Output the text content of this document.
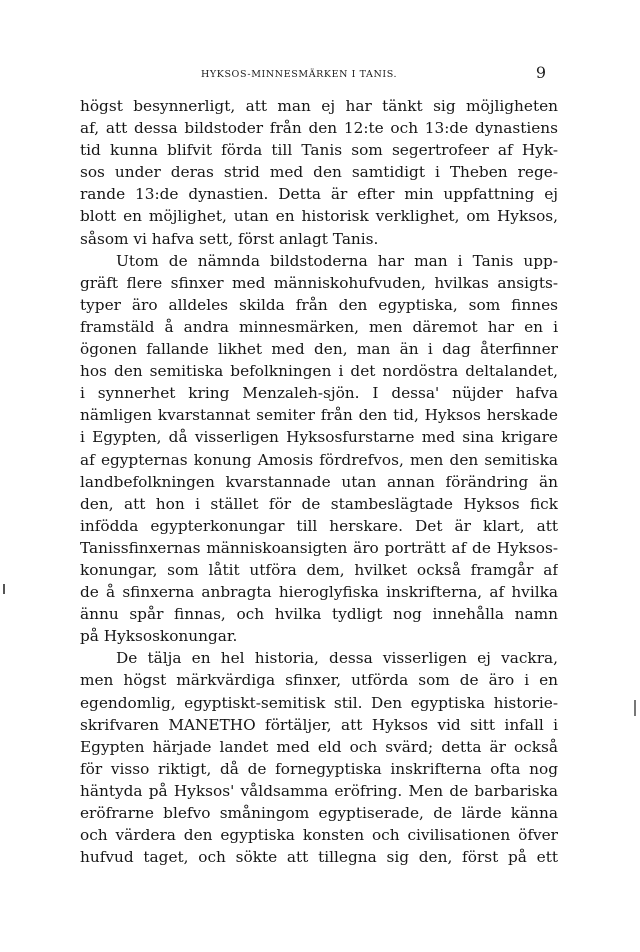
HYKSOS-MINNESMÄRKEN I TANIS.	9
högst besynnerligt, att man ej har tänkt sig möjligheten
af, att dessa bildstoder från den 12:te och 13:de dynastiens
tid kunna blifvit förda till Tanis som segertrofeer af Hyk-
sos under deras strid med den samtidigt i Theben rege-
rande 13:de dynastien. Detta är efter min uppfattning ej
blott en möjlighet, utan en historisk verklighet, om Hyksos,
såsom vi hafva sett, först anlagt Tanis.
Utom de nämnda bildstoderna har man i Tanis upp-
gräft flere sfinxer med människohufvuden, hvilkas ansigts-
typer äro alldeles skilda från den egyptiska, som finnes
framstäld å andra minnesmärken, men däremot har en i
ögonen fallande likhet med den, man än i dag återfinner
hos den semitiska befolkningen i det nordöstra deltalandet,
i synnerhet kring Menzaleh-sjön. I dessa' nüjder hafva
nämligen kvarstannat semiter från den tid, Hyksos herskade
i Egypten, då visserligen Hyksosfurstarne med sina krigare
af egypternas konung Amosis fördrefvos, men den semitiska
landbefolkningen kvarstannade utan annan förändring än
den, att hon i stället för de stambeslägtade Hyksos fick
infödda egypterkonungar till herskare. Det är klart, att
Tanissfinxernas människoansigten äro porträtt af de Hyksos-
konungar, som låtit utföra dem, hvilket också framgår af
de å sfinxerna anbragta hieroglyfiska inskrifterna, af hvilka
ännu spår finnas, och hvilka tydligt nog innehålla namn
på Hyksoskonungar.
De tälja en hel historia, dessa visserligen ej vackra,
men högst märkvärdiga sfinxer, utförda som de äro i en
egendomlig, egyptiskt-semitisk stil. Den egyptiska historie-
skrifvaren MANETHO förtäljer, att Hyksos vid sitt infall i
Egypten härjade landet med eld och svärd; detta är också
för visso riktigt, då de fornegyptiska inskrifterna ofta nog
häntyda på Hyksos' våldsamma eröfring. Men de barbariska
eröfrarne blefvo småningom egyptiserade, de lärde känna
och värdera den egyptiska konsten och civilisationen öfver
hufvud taget, och sökte att tillegna sig den, först på ett
